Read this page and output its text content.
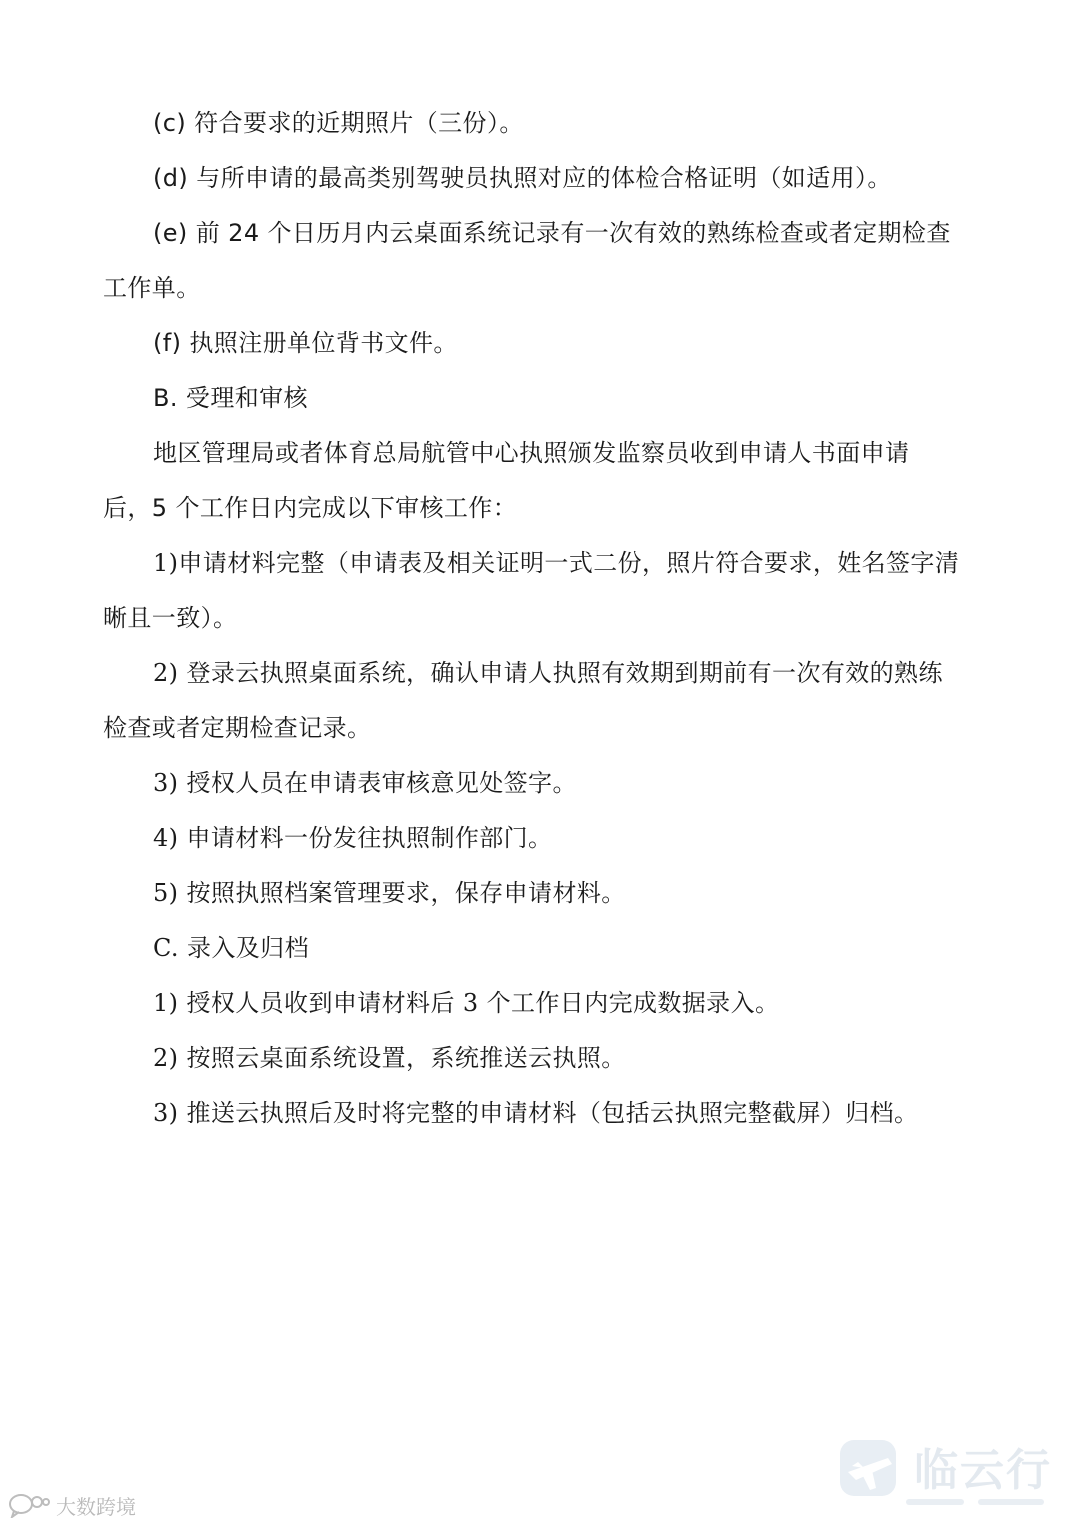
(c) 符合要求的近期照片（三份）。
(d) 与所申请的最高类别驾驶员执照对应的体检合格证明（如适用）。
(e) 前 24 个日历月内云桌面系统记录有一次有效的熟练检查或者定期检查
工作单。
(f) 执照注册单位背书文件。
B. 受理和审核
地区管理局或者体育总局航管中心执照颁发监察员收到申请人书面申请
后，5 个工作日内完成以下审核工作：
1)申请材料完整（申请表及相关证明一式二份，照片符合要求，姓名签字清
晰且一致）。
2) 登录云执照桌面系统，确认申请人执照有效期到期前有一次有效的熟练
检查或者定期检查记录。
3) 授权人员在申请表审核意见处签字。
4) 申请材料一份发往执照制作部门。
5) 按照执照档案管理要求，保存申请材料。
C. 录入及归档
1) 授权人员收到申请材料后 3 个工作日内完成数据录入。
2) 按照云桌面系统设置，系统推送云执照。
3) 推送云执照后及时将完整的申请材料（包括云执照完整截屏）归档。
大数跨境
临云行
